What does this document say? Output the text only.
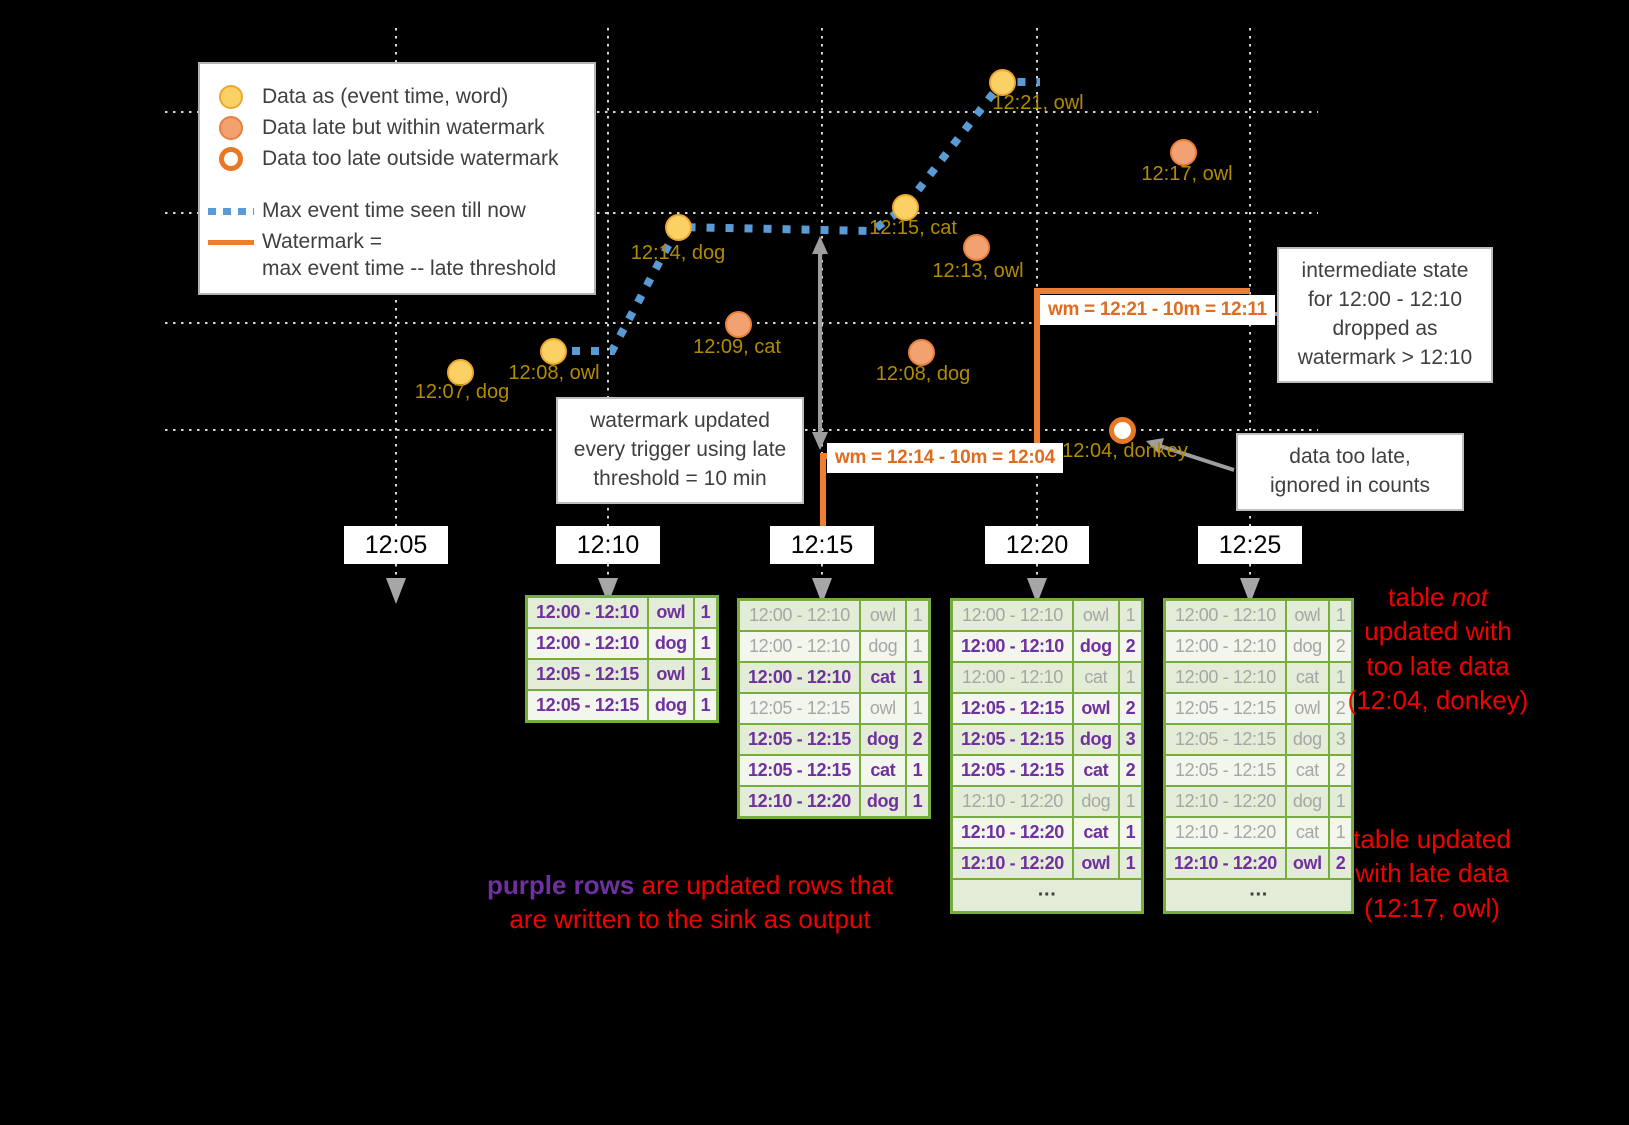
Data as (event time, word)
Data late but within watermark
Data too late outside watermark
Max event time seen till now
Watermark =
max event time -- late threshold
wm = 12:14 - 10m = 12:04
wm = 12:21 - 10m = 12:11
watermark updated
every trigger using late
threshold = 10 min
intermediate state
for 12:00 - 12:10
dropped as
watermark > 12:10
data too late,
ignored in counts
12:05	12:10	12:15	12:20	12:25
12:07, dog
12:08, owl
12:14, dog
12:15, cat
12:21, owl
12:09, cat
12:13, owl
12:08, dog
12:17, owl
12:04, donkey
12:00 - 12:10	owl	1
12:00 - 12:10	dog	1
12:05 - 12:15	owl	1
12:05 - 12:15	dog	1
12:00 - 12:10	owl	1
12:00 - 12:10	dog	1
12:00 - 12:10	cat	1
12:05 - 12:15	owl	1
12:05 - 12:15	dog	2
12:05 - 12:15	cat	1
12:10 - 12:20	dog	1
12:00 - 12:10	owl	1
12:00 - 12:10	dog	2
12:00 - 12:10	cat	1
12:05 - 12:15	owl	2
12:05 - 12:15	dog	3
12:05 - 12:15	cat	2
12:10 - 12:20	dog	1
12:10 - 12:20	cat	1
12:10 - 12:20	owl	1
···		
12:00 - 12:10	owl	1
12:00 - 12:10	dog	2
12:00 - 12:10	cat	1
12:05 - 12:15	owl	2
12:05 - 12:15	dog	3
12:05 - 12:15	cat	2
12:10 - 12:20	dog	1
12:10 - 12:20	cat	1
12:10 - 12:20	owl	2
···		
table not
updated with
too late data
(12:04, donkey)
table updated
with late data
(12:17, owl)
purple rows are updated rows that
are written to the sink as output
